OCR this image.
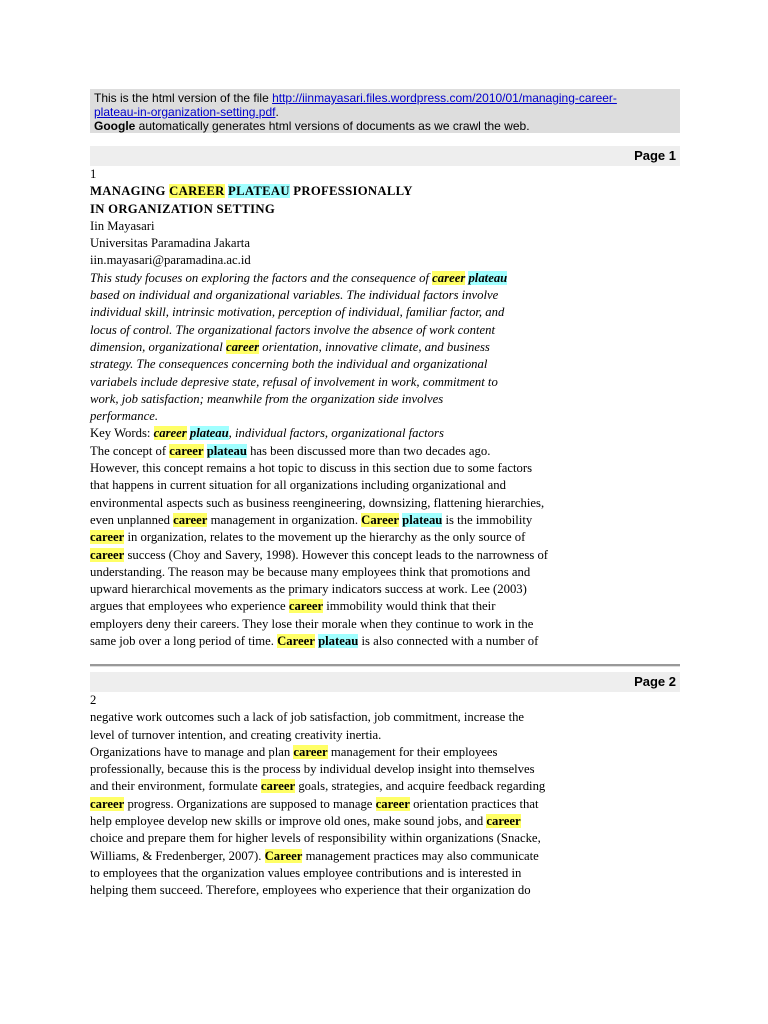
This is the html version of the file http://iinmayasari.files.wordpress.com/2010/01/managing-career-
plateau-in-organization-setting.pdf.
Google automatically generates html versions of documents as we crawl the web.
Page 1
1
MANAGING CAREER PLATEAU PROFESSIONALLY
IN ORGANIZATION SETTING
Iin Mayasari
Universitas Paramadina Jakarta
iin.mayasari@paramadina.ac.id
This study focuses on exploring the factors and the consequence of career plateau
based on individual and organizational variables. The individual factors involve
individual skill, intrinsic motivation, perception of individual, familiar factor, and
locus of control. The organizational factors involve the absence of work content
dimension, organizational career orientation, innovative climate, and business
strategy. The consequences concerning both the individual and organizational
variabels include depresive state, refusal of involvement in work, commitment to
work, job satisfaction; meanwhile from the organization side involves
performance.
Key Words: career plateau, individual factors, organizational factors
The concept of career plateau has been discussed more than two decades ago.
However, this concept remains a hot topic to discuss in this section due to some factors
that happens in current situation for all organizations including organizational and
environmental aspects such as business reengineering, downsizing, flattening hierarchies,
even unplanned career management in organization. Career plateau is the immobility
career in organization, relates to the movement up the hierarchy as the only source of
career success (Choy and Savery, 1998). However this concept leads to the narrowness of
understanding. The reason may be because many employees think that promotions and
upward hierarchical movements as the primary indicators success at work. Lee (2003)
argues that employees who experience career immobility would think that their
employers deny their careers. They lose their morale when they continue to work in the
same job over a long period of time. Career plateau is also connected with a number of
Page 2
2
negative work outcomes such a lack of job satisfaction, job commitment, increase the
level of turnover intention, and creating creativity inertia.
Organizations have to manage and plan career management for their employees
professionally, because this is the process by individual develop insight into themselves
and their environment, formulate career goals, strategies, and acquire feedback regarding
career progress. Organizations are supposed to manage career orientation practices that
help employee develop new skills or improve old ones, make sound jobs, and career
choice and prepare them for higher levels of responsibility within organizations (Snacke,
Williams, & Fredenberger, 2007). Career management practices may also communicate
to employees that the organization values employee contributions and is interested in
helping them succeed. Therefore, employees who experience that their organization do
